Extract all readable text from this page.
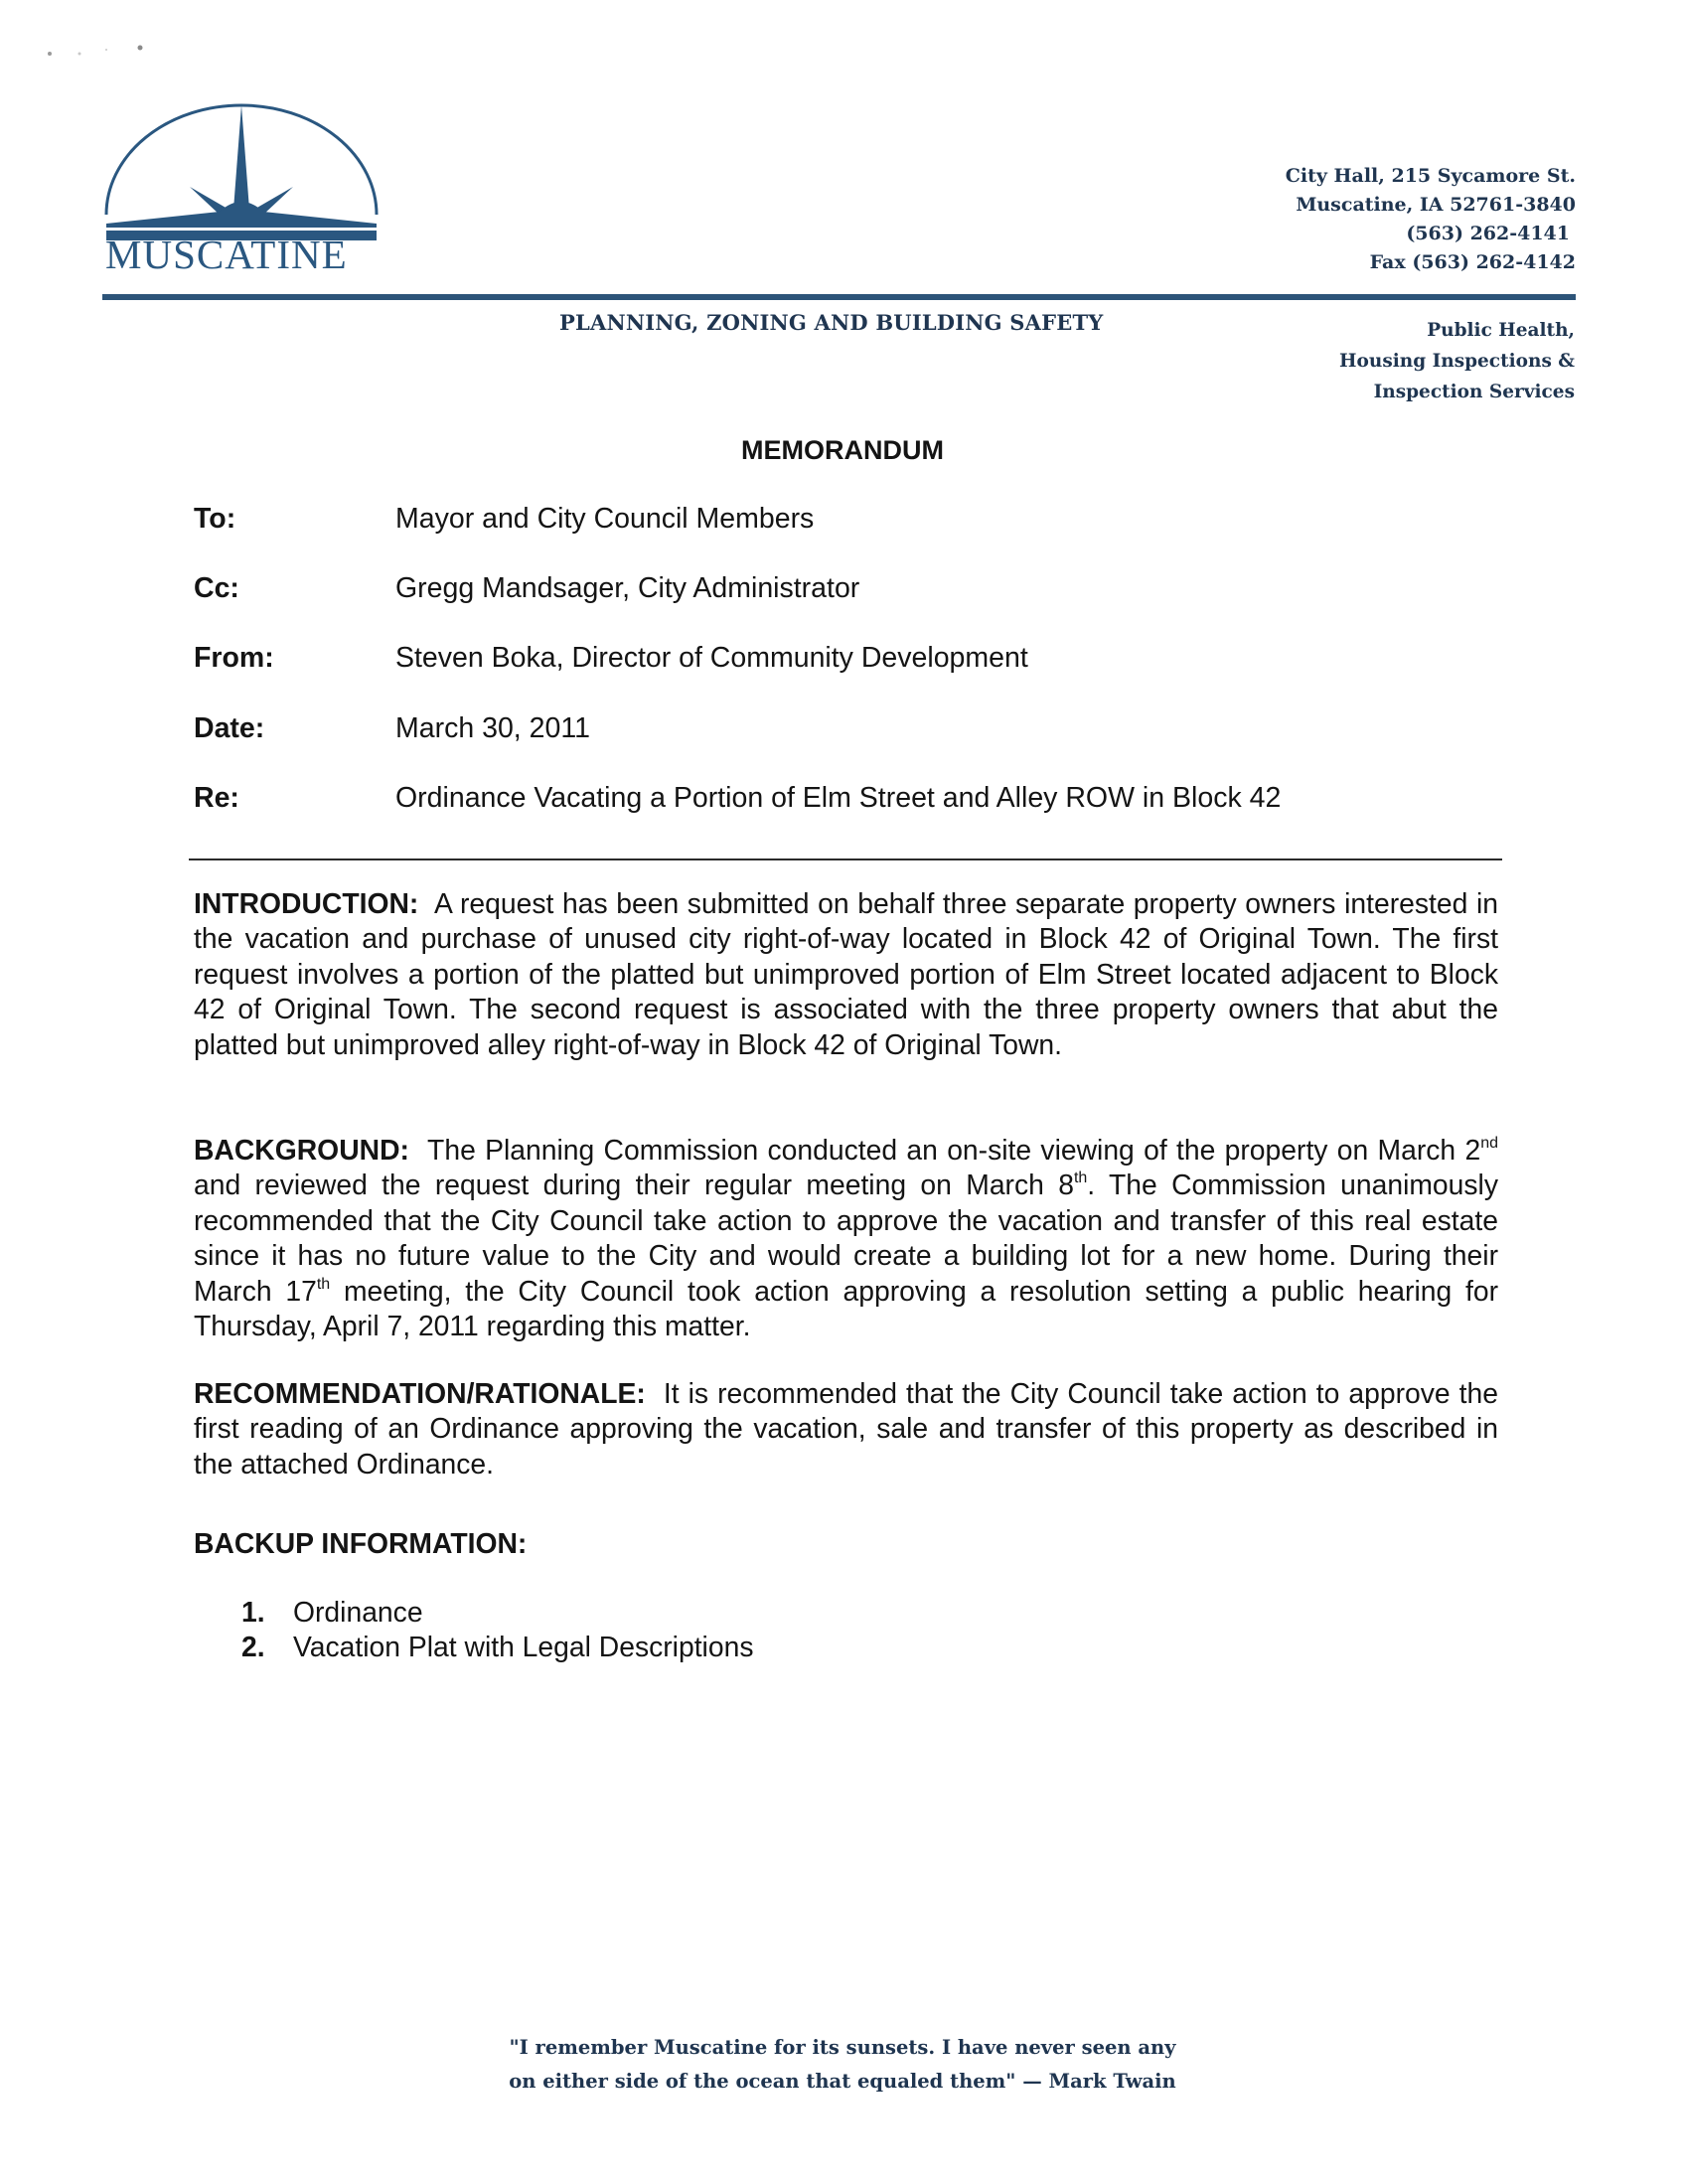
MUSCATINE
City Hall, 215 Sycamore St.
Muscatine, IA 52761-3840
(563) 262-4141
Fax (563) 262-4142
PLANNING, ZONING AND BUILDING SAFETY	Public Health,
Housing Inspections &
Inspection Services
MEMORANDUM
To:	Mayor and City Council Members
Cc:	Gregg Mandsager, City Administrator
From:	Steven Boka, Director of Community Development
Date:	March 30, 2011
Re:	Ordinance Vacating a Portion of Elm Street and Alley ROW in Block 42
INTRODUCTION: A request has been submitted on behalf three separate property owners interested in the vacation and purchase of unused city right-of-way located in Block 42 of Original Town. The first request involves a portion of the platted but unimproved portion of Elm Street located adjacent to Block 42 of Original Town. The second request is associated with the three property owners that abut the platted but unimproved alley right-of-way in Block 42 of Original Town.
BACKGROUND: The Planning Commission conducted an on-site viewing of the property on March 2nd and reviewed the request during their regular meeting on March 8th. The Commission unanimously recommended that the City Council take action to approve the vacation and transfer of this real estate since it has no future value to the City and would create a building lot for a new home. During their March 17th meeting, the City Council took action approving a resolution setting a public hearing for Thursday, April 7, 2011 regarding this matter.
RECOMMENDATION/RATIONALE: It is recommended that the City Council take action to approve the first reading of an Ordinance approving the vacation, sale and transfer of this property as described in the attached Ordinance.
BACKUP INFORMATION:
1. Ordinance
2. Vacation Plat with Legal Descriptions
"I remember Muscatine for its sunsets. I have never seen any
on either side of the ocean that equaled them" — Mark Twain
